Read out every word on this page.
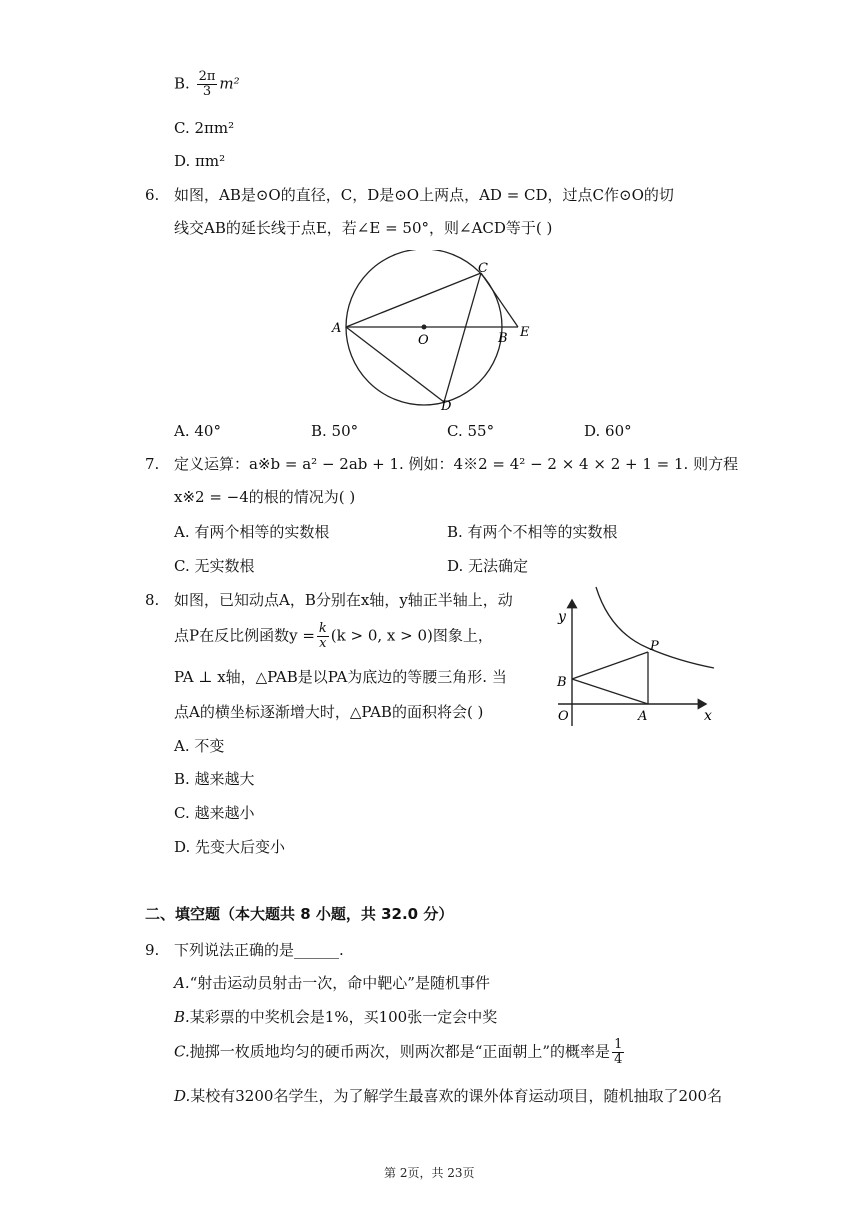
B. $\frac{2\pi}{3} m^2$
C. 2πm²
D. πm²
6. 如图，AB是⊙O的直径，C，D是⊙O上两点，AD = CD，过点C作⊙O的切
线交AB的延长线于点E，若∠E = 50°，则∠ACD等于( )
A
O	B E
C
D
A. 40°	B. 50°	C. 55°	D. 60°
7. 定义运算：a※b = a² − 2ab + 1. 例如：4※2 = 4² − 2 × 4 × 2 + 1 = 1. 则方程
x※2 = −4的根的情况为( )
A. 有两个相等的实数根	B. 有两个不相等的实数根
C. 无实数根	D. 无法确定
8. 如图，已知动点A，B分别在x轴，y轴正半轴上，动
点P在反比例函数$y = \frac{k}{x} (k > 0$, x > 0)图象上，
PA ⊥ x轴，△PAB是以PA为底边的等腰三角形. 当
点A的横坐标逐渐增大时，△PAB的面积将会( )
y
x
P
B
O	A
A. 不变
B. 越来越大
C. 越来越小
D. 先变大后变小
二、填空题（本大题共 8 小题，共 32.0 分）
9. 下列说法正确的是______.
A.“射击运动员射击一次，命中靶心”是随机事件
B.某彩票的中奖机会是1%，买100张一定会中奖
C.抛掷一枚质地均匀的硬币两次，则两次都是“正面朝上”的概率是 $\frac{1}{4}$
D.某校有3200名学生，为了解学生最喜欢的课外体育运动项目，随机抽取了200名
第 2页，共 23页
